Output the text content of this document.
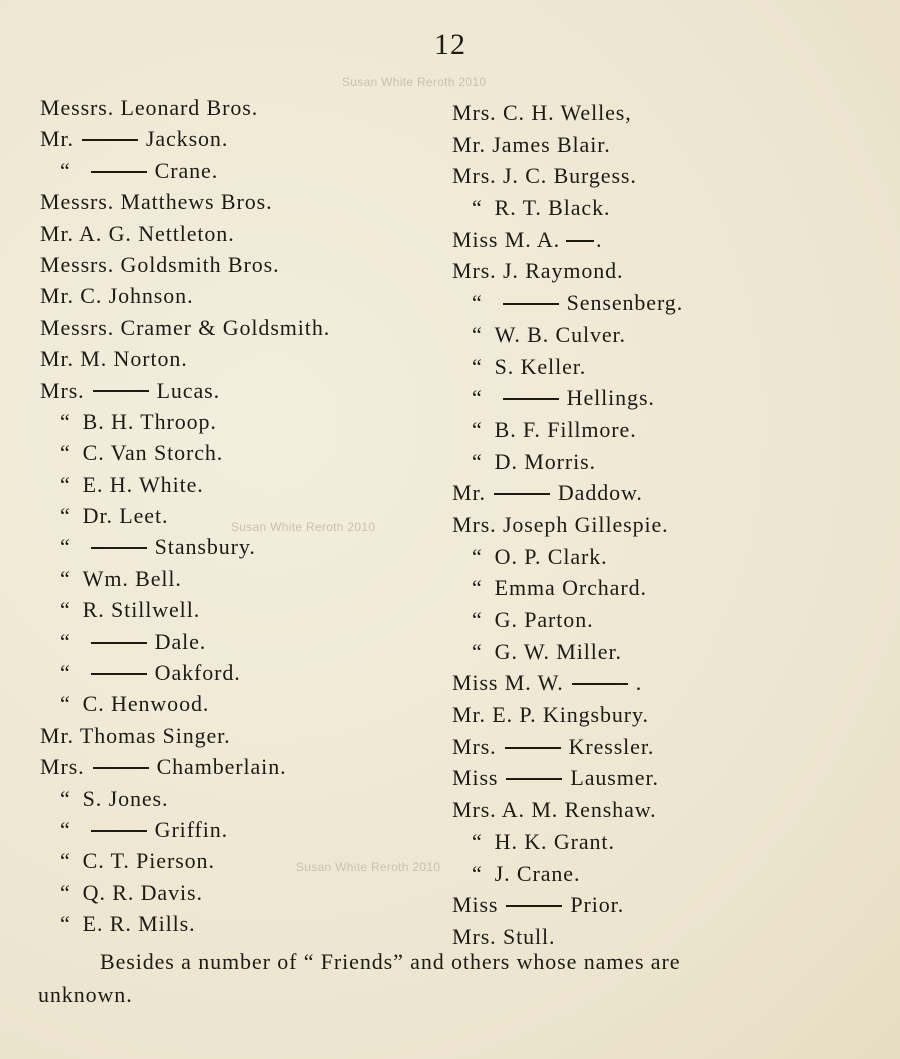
12
Susan White Reroth 2010
Susan White Reroth 2010
Susan White Reroth 2010
Messrs. Leonard Bros.
Mr.	Jackson.
“	Crane.
Messrs. Matthews Bros.
Mr. A. G. Nettleton.
Messrs. Goldsmith Bros.
Mr. C. Johnson.
Messrs. Cramer & Goldsmith.
Mr. M. Norton.
Mrs.	Lucas.
“ B. H. Throop.
“ C. Van Storch.
“ E. H. White.
“ Dr. Leet.
“	Stansbury.
“ Wm. Bell.
“ R. Stillwell.
“	Dale.
“	Oakford.
“ C. Henwood.
Mr. Thomas Singer.
Mrs.	Chamberlain.
“ S. Jones.
“	Griffin.
“ C. T. Pierson.
“ Q. R. Davis.
“ E. R. Mills.
Mrs. C. H. Welles,
Mr. James Blair.
Mrs. J. C. Burgess.
“ R. T. Black.
Miss M. A. .
Mrs. J. Raymond.
“	Sensenberg.
“ W. B. Culver.
“ S. Keller.
“	Hellings.
“ B. F. Fillmore.
“ D. Morris.
Mr.	Daddow.
Mrs. Joseph Gillespie.
“ O. P. Clark.
“ Emma Orchard.
“ G. Parton.
“ G. W. Miller.
Miss M. W.	.
Mr. E. P. Kingsbury.
Mrs.	Kressler.
Miss	Lausmer.
Mrs. A. M. Renshaw.
“ H. K. Grant.
“ J. Crane.
Miss	Prior.
Mrs. Stull.
Besides a number of “ Friends” and others whose names are
unknown.
